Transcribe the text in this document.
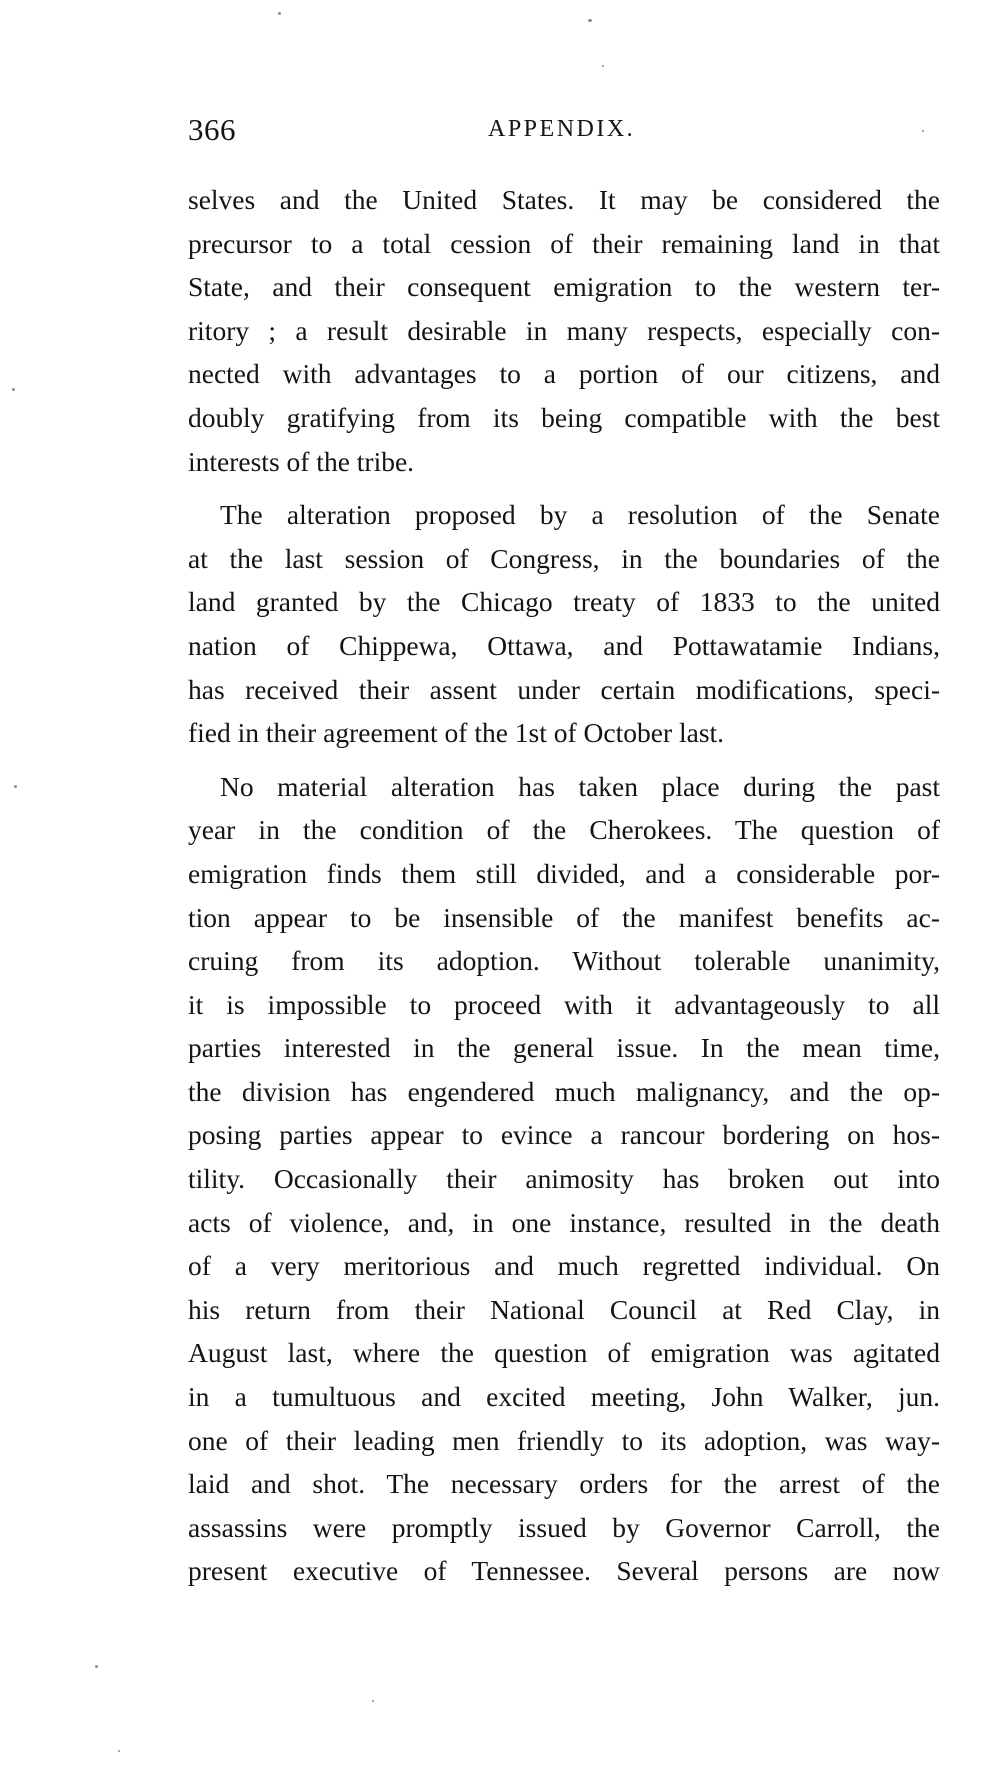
366	APPENDIX.
selves and the United States. It may be considered the
precursor to a total cession of their remaining land in that
State, and their consequent emigration to the western ter-
ritory ; a result desirable in many respects, especially con-
nected with advantages to a portion of our citizens, and
doubly gratifying from its being compatible with the best
interests of the tribe.
The alteration proposed by a resolution of the Senate
at the last session of Congress, in the boundaries of the
land granted by the Chicago treaty of 1833 to the united
nation of Chippewa, Ottawa, and Pottawatamie Indians,
has received their assent under certain modifications, speci-
fied in their agreement of the 1st of October last.
No material alteration has taken place during the past
year in the condition of the Cherokees. The question of
emigration finds them still divided, and a considerable por-
tion appear to be insensible of the manifest benefits ac-
cruing from its adoption. Without tolerable unanimity,
it is impossible to proceed with it advantageously to all
parties interested in the general issue. In the mean time,
the division has engendered much malignancy, and the op-
posing parties appear to evince a rancour bordering on hos-
tility. Occasionally their animosity has broken out into
acts of violence, and, in one instance, resulted in the death
of a very meritorious and much regretted individual. On
his return from their National Council at Red Clay, in
August last, where the question of emigration was agitated
in a tumultuous and excited meeting, John Walker, jun.
one of their leading men friendly to its adoption, was way-
laid and shot. The necessary orders for the arrest of the
assassins were promptly issued by Governor Carroll, the
present executive of Tennessee. Several persons are now
